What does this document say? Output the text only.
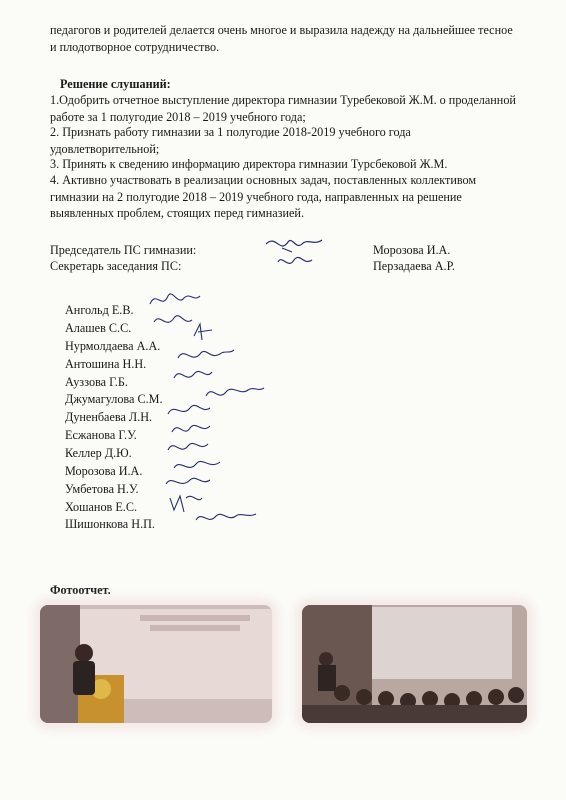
педагогов и родителей делается очень многое и выразила надежду на дальнейшее тесное и плодотворное сотрудничество.
Решение слушаний:
1.Одобрить отчетное выступление директора гимназии Туребековой Ж.М. о проделанной работе за 1 полугодие 2018 – 2019 учебного года;
2. Признать работу гимназии за 1 полугодие 2018-2019 учебного года удовлетворительной;
3. Принять к сведению информацию директора гимназии Турсбековой Ж.М.
4. Активно участвовать в реализации основных задач, поставленных коллективом гимназии на 2 полугодие 2018 – 2019 учебного года, направленных на решение выявленных проблем, стоящих перед гимназией.
Председатель ПС гимназии:	Морозова И.А.
Секретарь заседания ПС:	Перзадаева А.Р.
Ангольд Е.В.
Алашев С.С.
Нурмолдаева А.А.
Антошина Н.Н.
Ауззова Г.Б.
Джумагулова С.М.
Дуненбаева Л.Н.
Есжанова Г.У.
Келлер Д.Ю.
Морозова И.А.
Умбетова Н.У.
Хошанов Е.С.
Шишонкова Н.П.
Фотоотчет.
